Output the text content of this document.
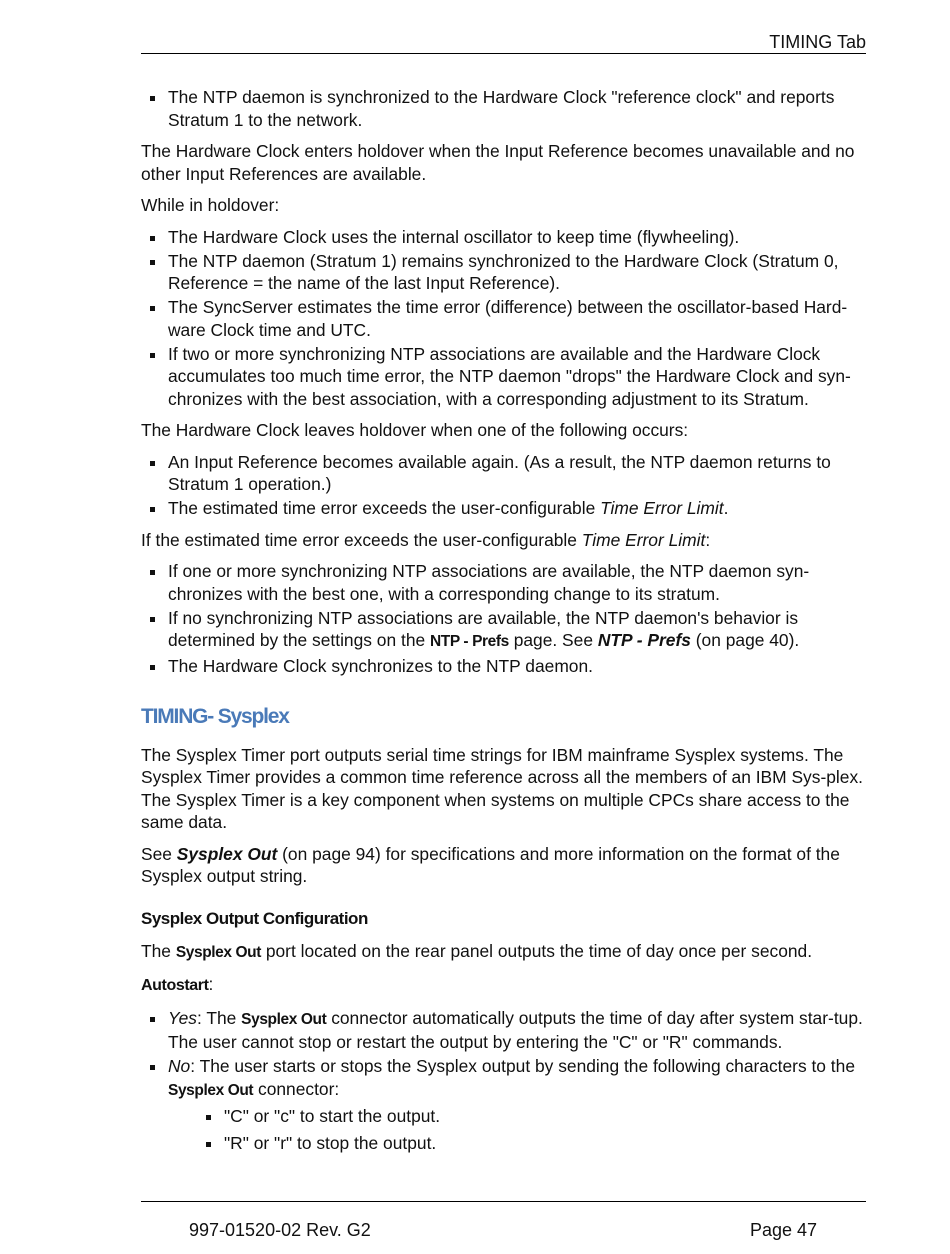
TIMING Tab
The NTP daemon is synchronized to the Hardware Clock "reference clock" and reports Stratum 1 to the network.

The Hardware Clock enters holdover when the Input Reference becomes unavailable and no other Input References are available.

While in holdover:

The Hardware Clock uses the internal oscillator to keep time (flywheeling).
The NTP daemon (Stratum 1) remains synchronized to the Hardware Clock (Stratum 0, Reference = the name of the last Input Reference).
The SyncServer estimates the time error (difference) between the oscillator-based Hard-ware Clock time and UTC.
If two or more synchronizing NTP associations are available and the Hardware Clock accumulates too much time error, the NTP daemon "drops" the Hardware Clock and syn-chronizes with the best association, with a corresponding adjustment to its Stratum.

The Hardware Clock leaves holdover when one of the following occurs:

An Input Reference becomes available again. (As a result, the NTP daemon returns to Stratum 1 operation.)
The estimated time error exceeds the user-configurable Time Error Limit.

If the estimated time error exceeds the user-configurable Time Error Limit:

If one or more synchronizing NTP associations are available, the NTP daemon syn-chronizes with the best one, with a corresponding change to its stratum.
If no synchronizing NTP associations are available, the NTP daemon's behavior is determined by the settings on the NTP - Prefs page. See NTP - Prefs (on page 40).
The Hardware Clock synchronizes to the NTP daemon.
TIMING- Sysplex

The Sysplex Timer port outputs serial time strings for IBM mainframe Sysplex systems. The Sysplex Timer provides a common time reference across all the members of an IBM Sys-plex. The Sysplex Timer is a key component when systems on multiple CPCs share access to the same data.

See Sysplex Out (on page 94) for specifications and more information on the format of the Sysplex output string.

Sysplex Output Configuration

The Sysplex Out port located on the rear panel outputs the time of day once per second.

Autostart:

Yes: The Sysplex Out connector automatically outputs the time of day after system star-tup. The user cannot stop or restart the output by entering the "C" or "R" commands.
No: The user starts or stops the Sysplex output by sending the following characters to the Sysplex Out connector:
"C" or "c" to start the output.
"R" or "r" to stop the output.
997-01520-02 Rev. G2	Page 47
